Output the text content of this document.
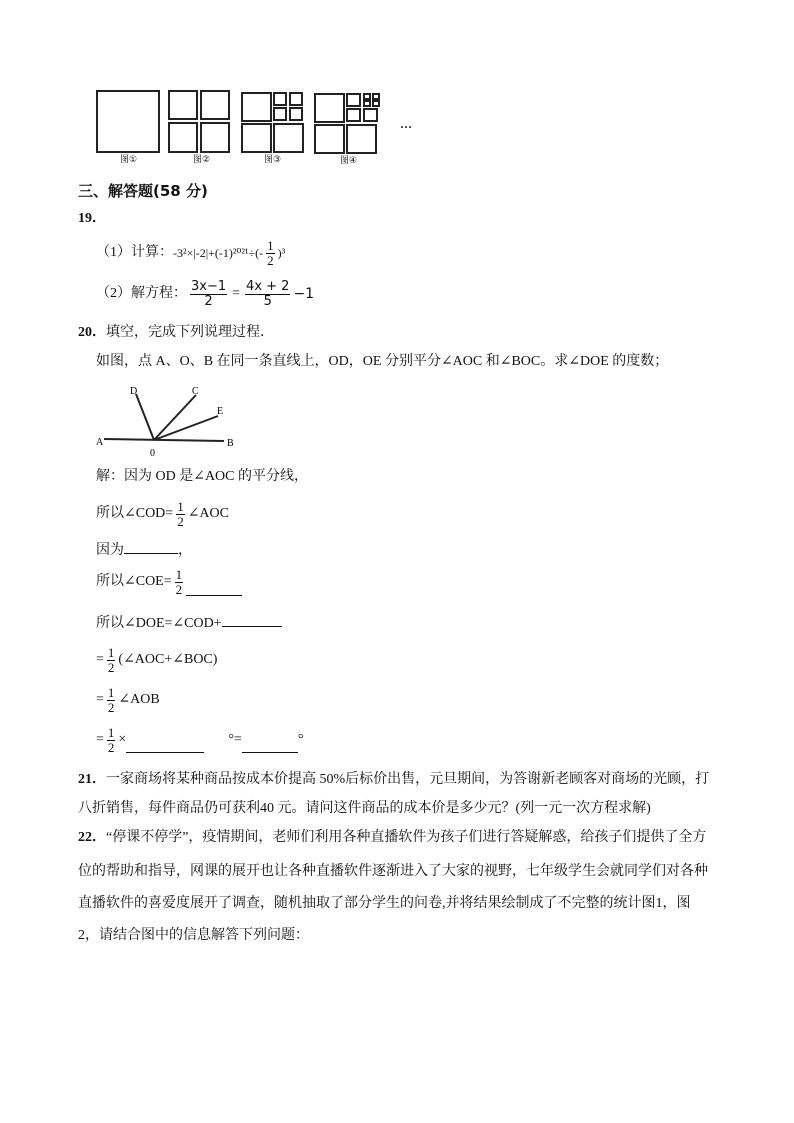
图①	图②	图③	图④
…
三、解答题(58 分)
19．
（1）计算： $-3^2\times|-2|+(-1)^{2021}\div(- \frac{1}{2} )^3$
（2）解方程： $\frac{3x-1}{2} = \frac{4x + 2}{5} -1$
20．填空，完成下列说理过程．
如图，点 A、O、B 在同一条直线上，OD，OE 分别平分∠AOC 和∠BOC。求∠DOE 的度数；
D	C
E
A
0
B
解：因为 OD 是∠AOC 的平分线，
所以∠COD= $\frac{1}{2}$ ∠AOC
因为	，
所以∠COE= $\frac{1}{2}$
所以∠DOE=∠COD+
= $\frac{1}{2}$ (∠AOC+∠BOC)
= $\frac{1}{2}$ ∠AOB
= $\frac{1}{2}$ ×	°=	°
21．一家商场将某种商品按成本价提高 50%后标价出售，元旦期间，为答谢新老顾客对商场的光顾，打
八折销售，每件商品仍可获利40 元。请问这件商品的成本价是多少元？(列一元一次方程求解)
22．“停课不停学”，疫情期间，老师们利用各种直播软件为孩子们进行答疑解惑，给孩子们提供了全方
位的帮助和指导，网课的展开也让各种直播软件逐渐进入了大家的视野，七年级学生会就同学们对各种
直播软件的喜爱度展开了调查，随机抽取了部分学生的问卷,并将结果绘制成了不完整的统计图1，图
2，请结合图中的信息解答下列问题：
